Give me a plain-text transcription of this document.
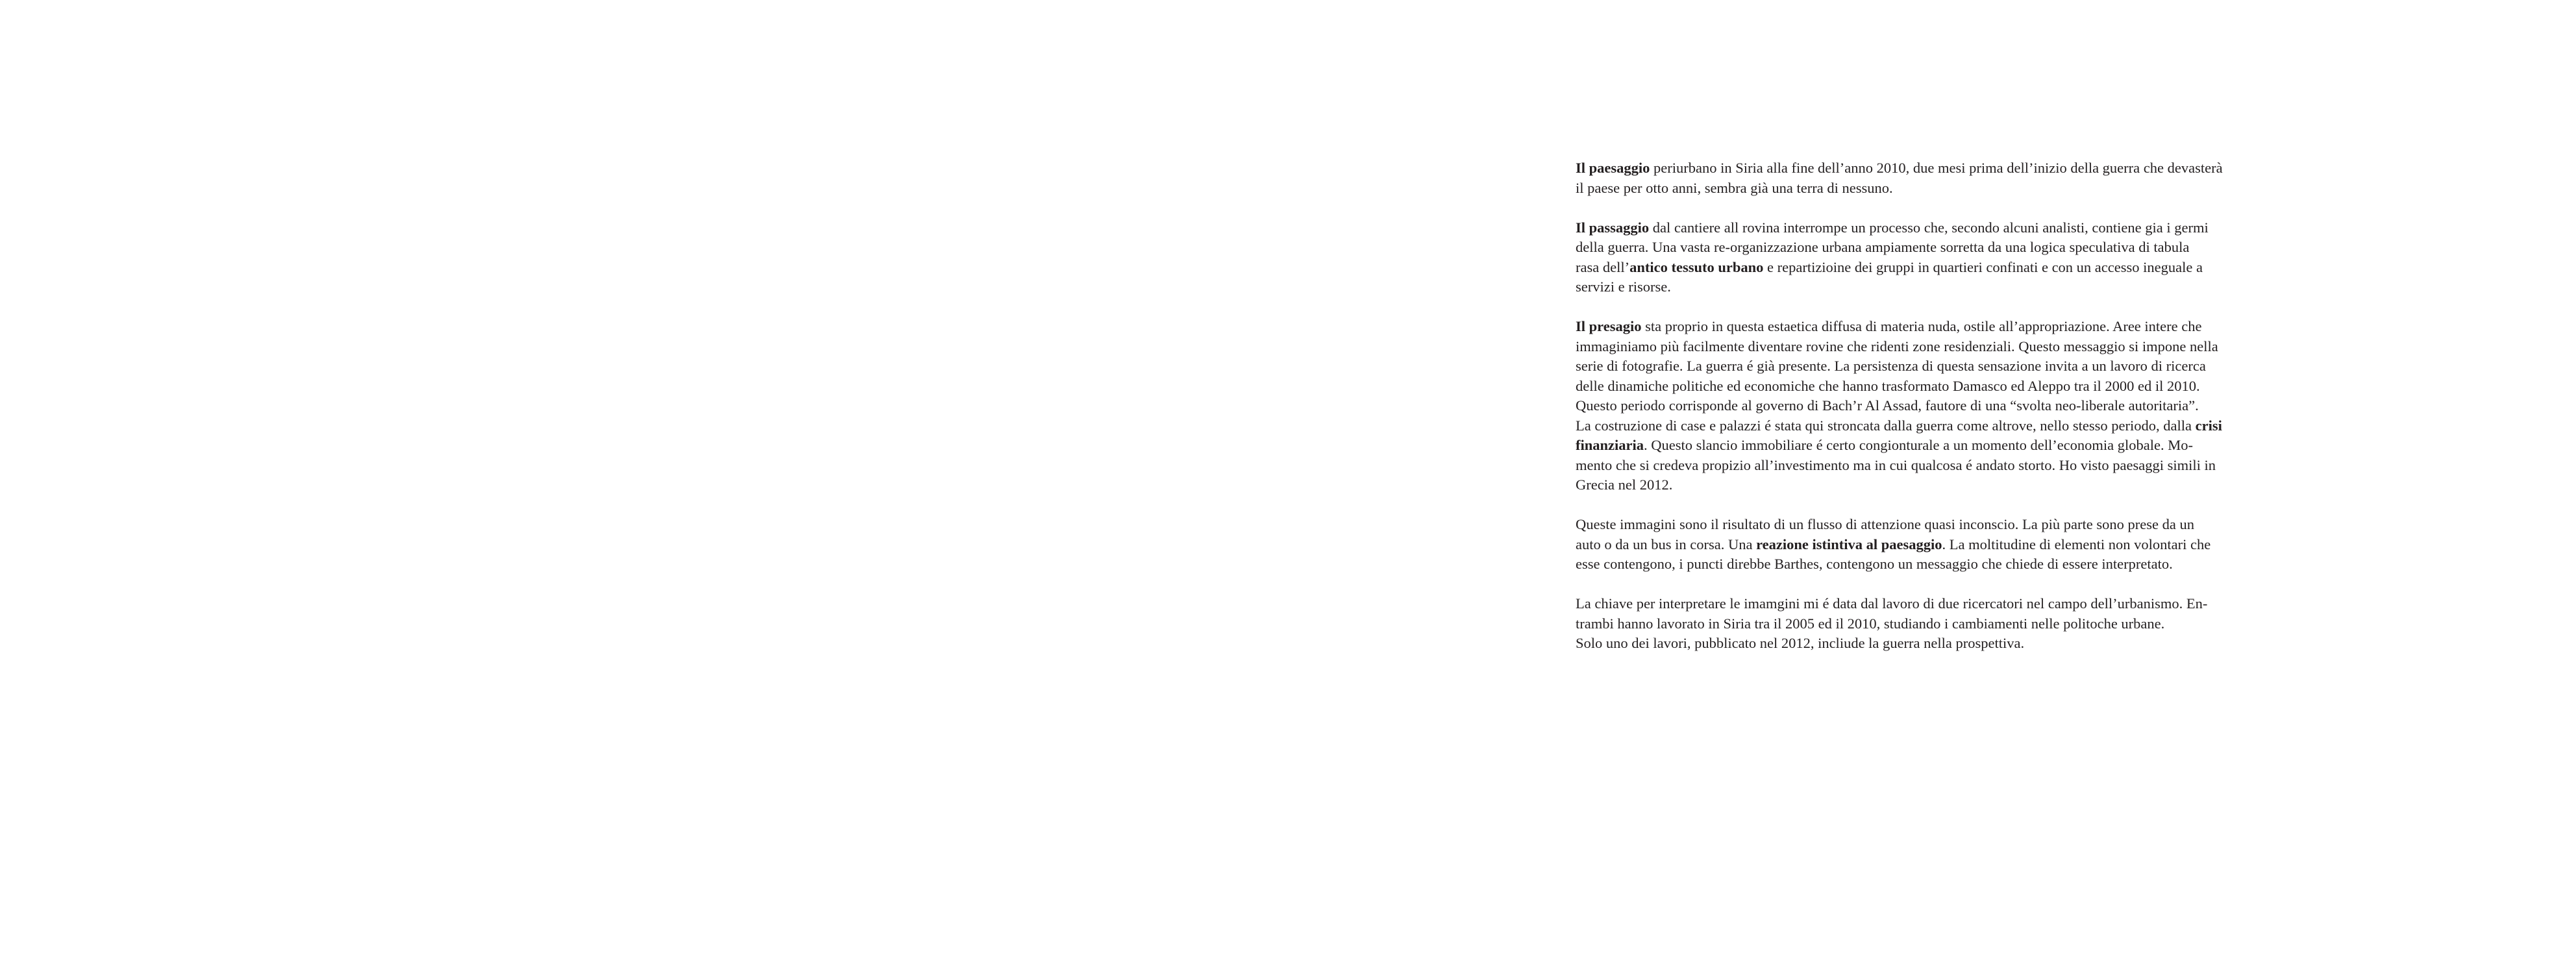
Il paesaggio periurbano in Siria alla fine dell’anno 2010, due mesi prima dell’inizio della guerra che devasterà
il paese per otto anni, sembra già una terra di nessuno.

Il passaggio dal cantiere all rovina interrompe un processo che, secondo alcuni analisti, contiene gia i germi
della guerra. Una vasta re-organizzazione urbana ampiamente sorretta da una logica speculativa di tabula
rasa dell’antico tessuto urbano e repartizioine dei gruppi in quartieri confinati e con un accesso ineguale a
servizi e risorse.

Il presagio sta proprio in questa estaetica diffusa di materia nuda, ostile all’appropriazione. Aree intere che
immaginiamo più facilmente diventare rovine che ridenti zone residenziali. Questo messaggio si impone nella
serie di fotografie. La guerra é già presente. La persistenza di questa sensazione invita a un lavoro di ricerca
delle dinamiche politiche ed economiche che hanno trasformato Damasco ed Aleppo tra il 2000 ed il 2010.
Questo periodo corrisponde al governo di Bach’r Al Assad, fautore di una “svolta neo-liberale autoritaria”.
La costruzione di case e palazzi é stata qui stroncata dalla guerra come altrove, nello stesso periodo, dalla crisi
finanziaria. Questo slancio immobiliare é certo congionturale a un momento dell’economia globale. Mo-
mento che si credeva propizio all’investimento ma in cui qualcosa é andato storto. Ho visto paesaggi simili in
Grecia nel 2012.

Queste immagini sono il risultato di un flusso di attenzione quasi inconscio. La più parte sono prese da un
auto o da un bus in corsa. Una reazione istintiva al paesaggio. La moltitudine di elementi non volontari che
esse contengono, i puncti direbbe Barthes, contengono un messaggio che chiede di essere interpretato.

La chiave per interpretare le imamgini mi é data dal lavoro di due ricercatori nel campo dell’urbanismo. En-
trambi hanno lavorato in Siria tra il 2005 ed il 2010, studiando i cambiamenti nelle politoche urbane.
Solo uno dei lavori, pubblicato nel 2012, incliude la guerra nella prospettiva.
